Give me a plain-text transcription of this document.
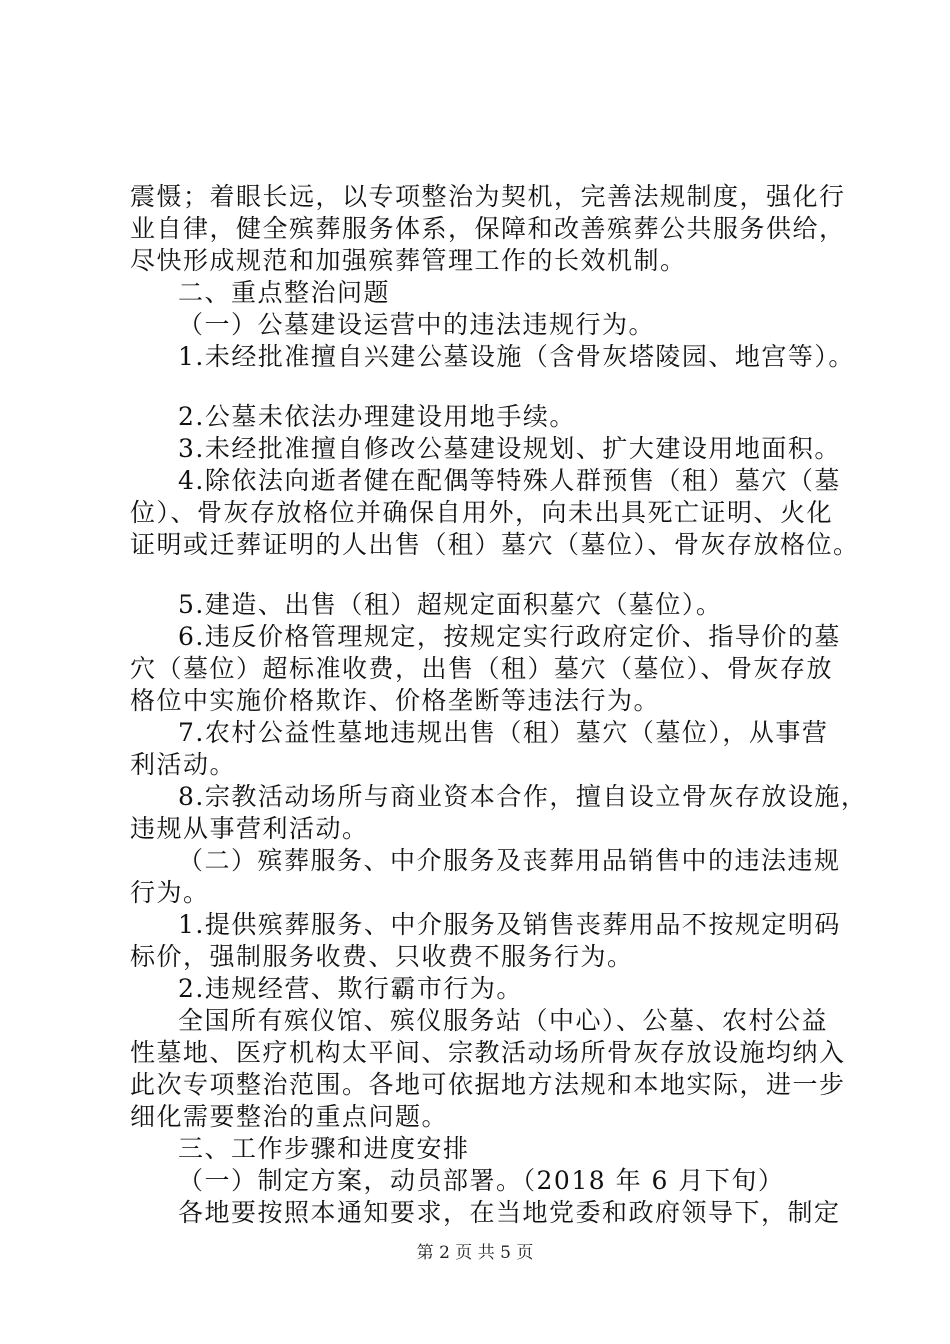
震慑；着眼长远，以专项整治为契机，完善法规制度，强化行
业自律，健全殡葬服务体系，保障和改善殡葬公共服务供给，
尽快形成规范和加强殡葬管理工作的长效机制。
二、重点整治问题
（一）公墓建设运营中的违法违规行为。
1.未经批准擅自兴建公墓设施（含骨灰塔陵园、地宫等）。
2.公墓未依法办理建设用地手续。
3.未经批准擅自修改公墓建设规划、扩大建设用地面积。
4.除依法向逝者健在配偶等特殊人群预售（租）墓穴（墓
位）、骨灰存放格位并确保自用外，向未出具死亡证明、火化
证明或迁葬证明的人出售（租）墓穴（墓位）、骨灰存放格位。
5.建造、出售（租）超规定面积墓穴（墓位）。
6.违反价格管理规定，按规定实行政府定价、指导价的墓
穴（墓位）超标准收费，出售（租）墓穴（墓位）、骨灰存放
格位中实施价格欺诈、价格垄断等违法行为。
7.农村公益性墓地违规出售（租）墓穴（墓位），从事营
利活动。
8.宗教活动场所与商业资本合作，擅自设立骨灰存放设施，
违规从事营利活动。
（二）殡葬服务、中介服务及丧葬用品销售中的违法违规
行为。
1.提供殡葬服务、中介服务及销售丧葬用品不按规定明码
标价，强制服务收费、只收费不服务行为。
2.违规经营、欺行霸市行为。
全国所有殡仪馆、殡仪服务站（中心）、公墓、农村公益
性墓地、医疗机构太平间、宗教活动场所骨灰存放设施均纳入
此次专项整治范围。各地可依据地方法规和本地实际，进一步
细化需要整治的重点问题。
三、工作步骤和进度安排
（一）制定方案，动员部署。（2018 年 6 月下旬）
各地要按照本通知要求，在当地党委和政府领导下，制定
第 2 页 共 5 页
